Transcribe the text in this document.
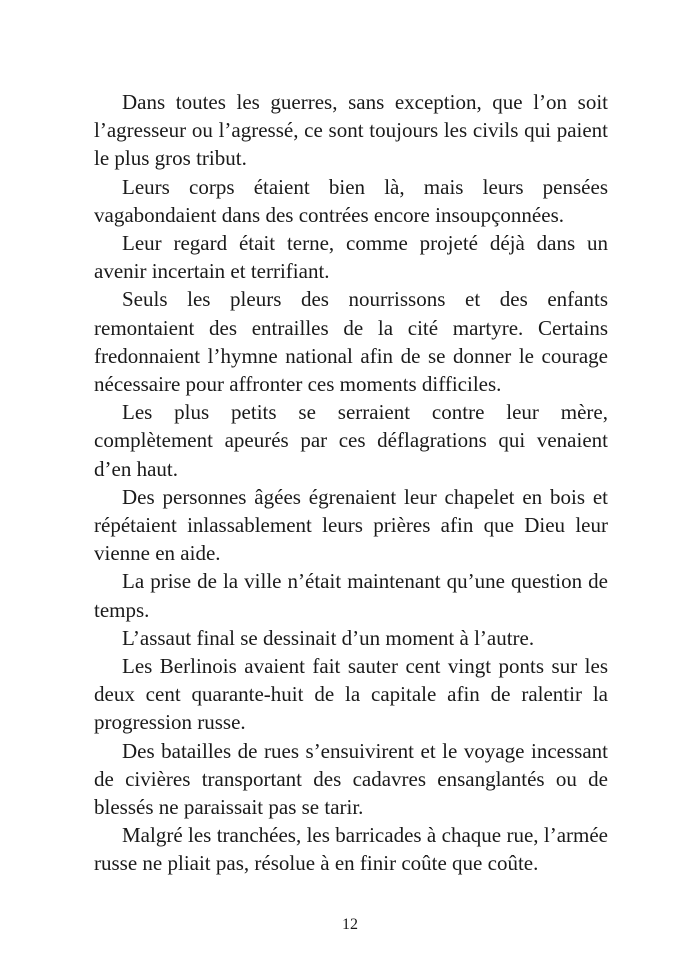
Dans toutes les guerres, sans exception, que l’on soit l’agresseur ou l’agressé, ce sont toujours les civils qui paient le plus gros tribut.

Leurs corps étaient bien là, mais leurs pensées vagabondaient dans des contrées encore insoupçonnées.

Leur regard était terne, comme projeté déjà dans un avenir incertain et terrifiant.

Seuls les pleurs des nourrissons et des enfants remontaient des entrailles de la cité martyre. Certains fredonnaient l’hymne national afin de se donner le courage nécessaire pour affronter ces moments difficiles.

Les plus petits se serraient contre leur mère, complètement apeurés par ces déflagrations qui venaient d’en haut.

Des personnes âgées égrenaient leur chapelet en bois et répétaient inlassablement leurs prières afin que Dieu leur vienne en aide.

La prise de la ville n’était maintenant qu’une question de temps.

L’assaut final se dessinait d’un moment à l’autre.

Les Berlinois avaient fait sauter cent vingt ponts sur les deux cent quarante-huit de la capitale afin de ralentir la progression russe.

Des batailles de rues s’ensuivirent et le voyage incessant de civières transportant des cadavres ensanglantés ou de blessés ne paraissait pas se tarir.

Malgré les tranchées, les barricades à chaque rue, l’armée russe ne pliait pas, résolue à en finir coûte que coûte.

12
